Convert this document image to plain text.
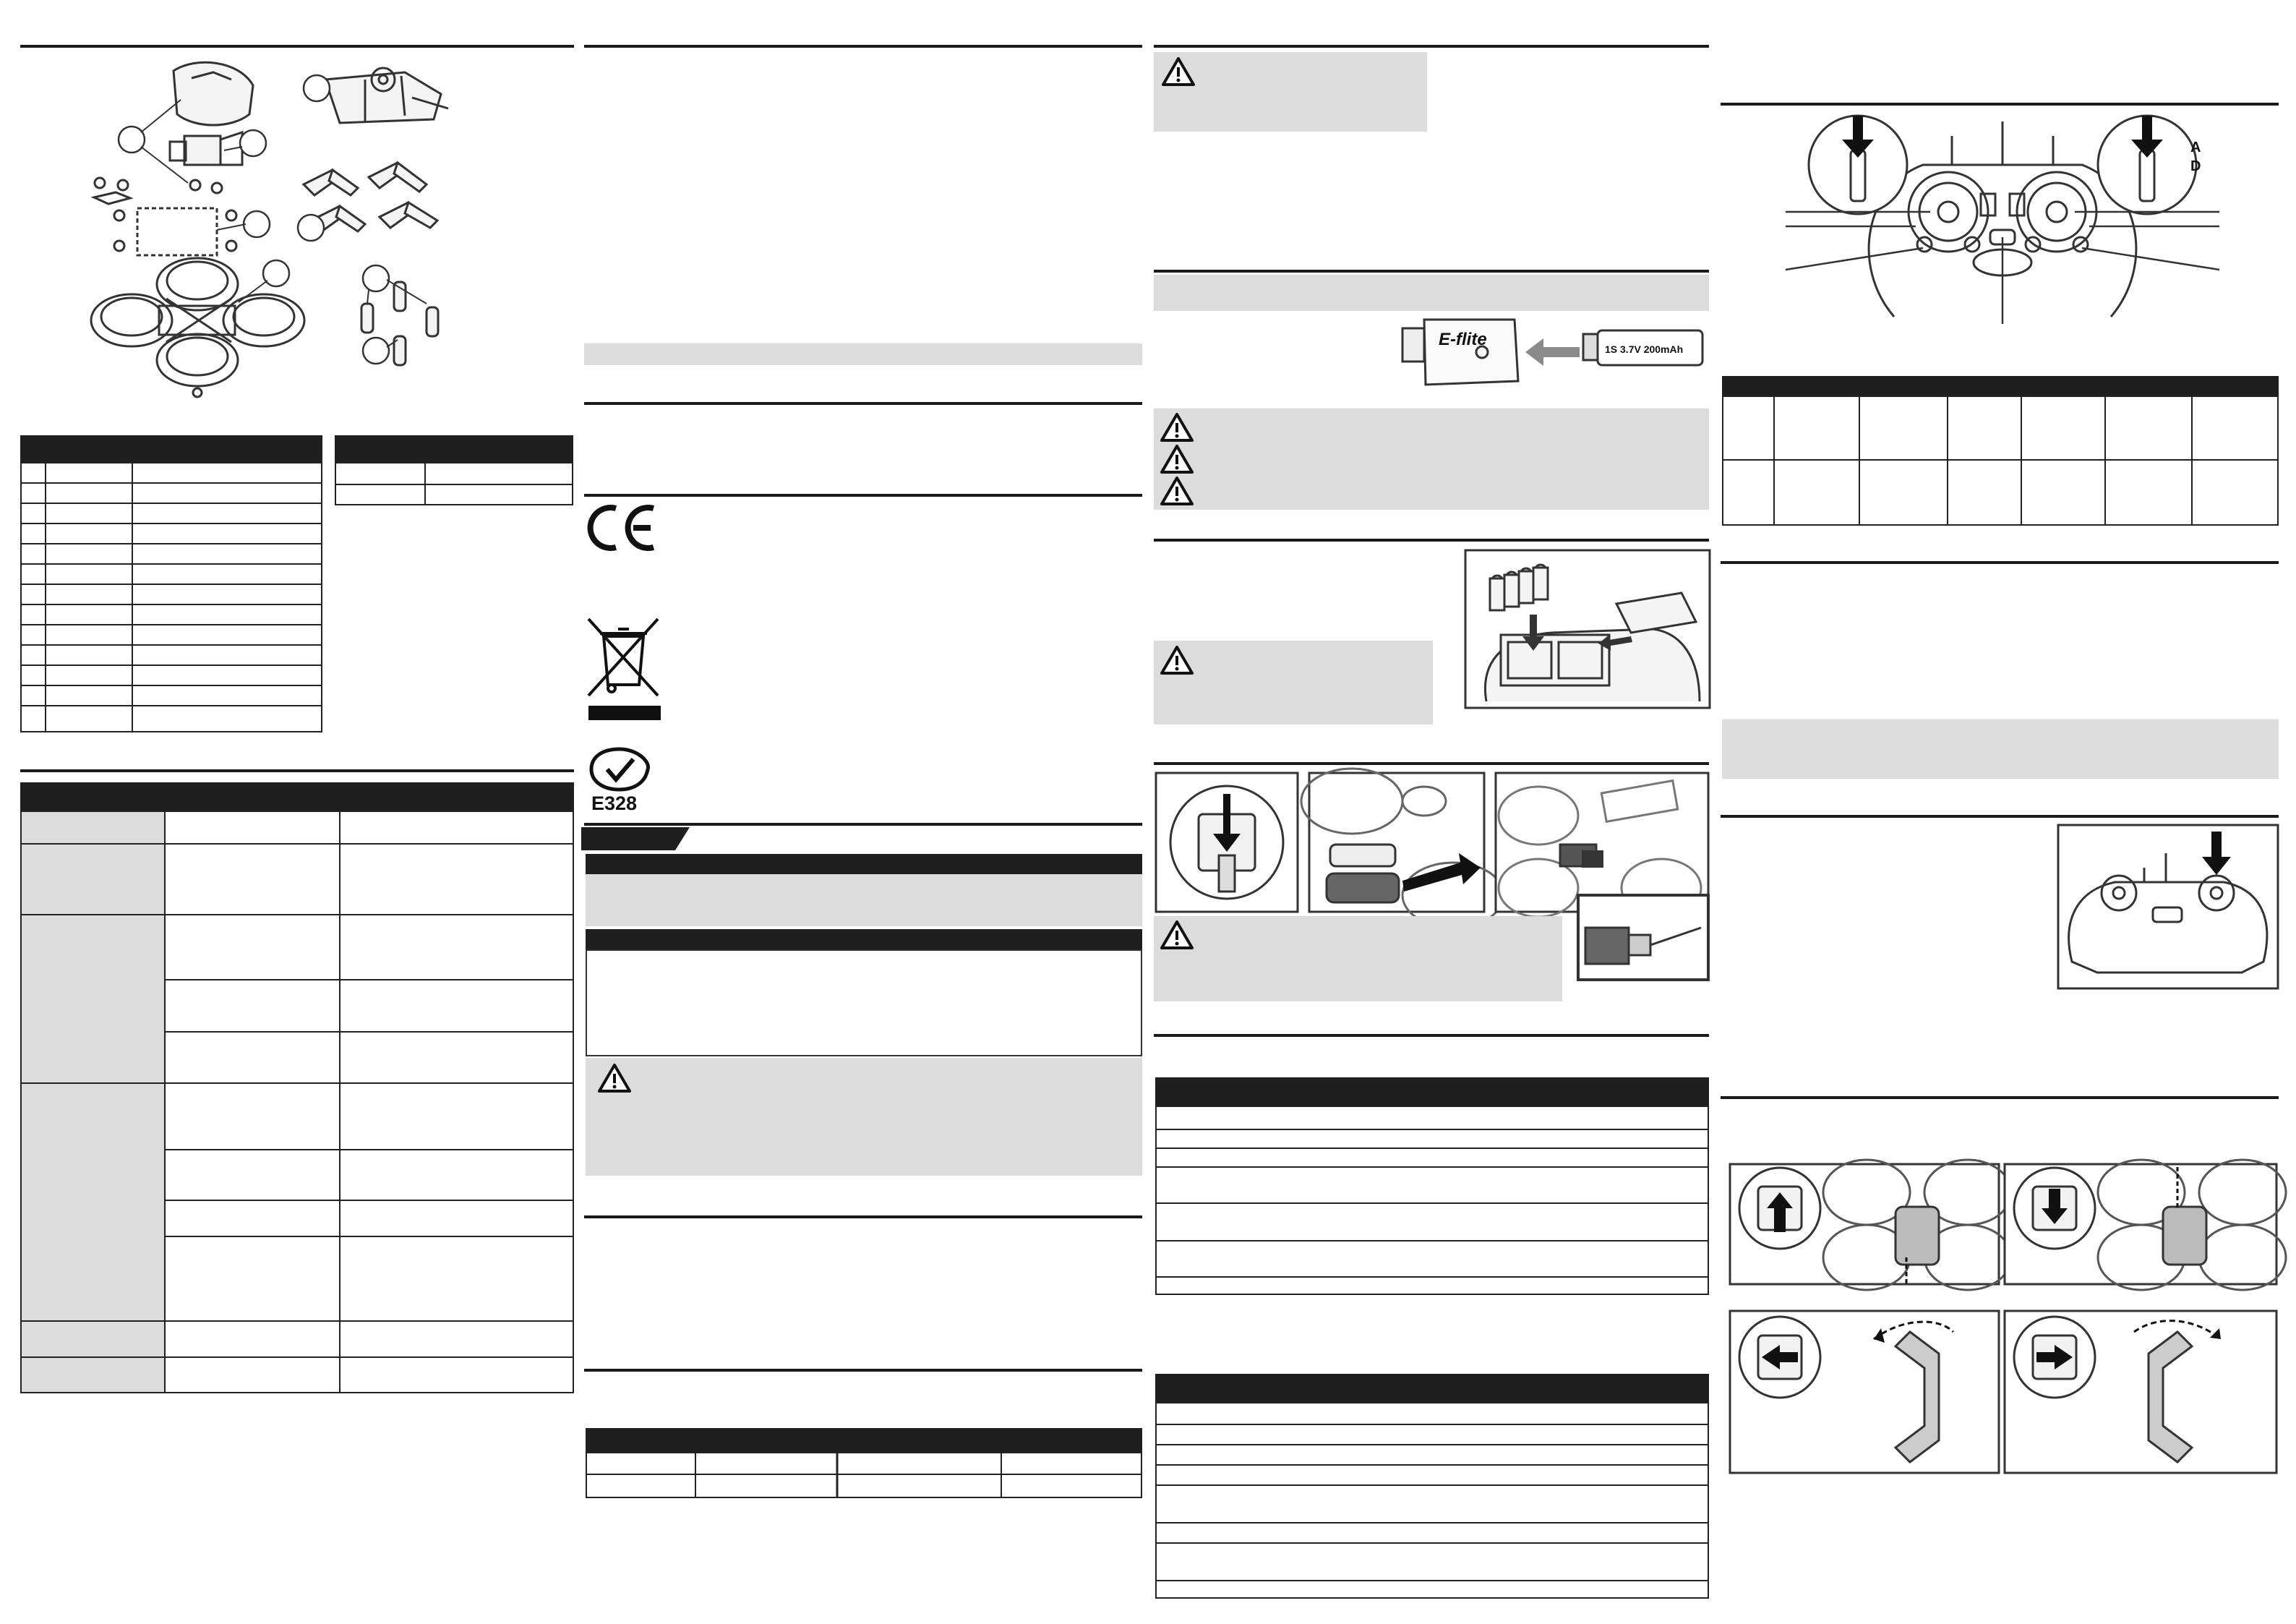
E328
E-flite	1S 3.7V 200mAh
A
D
